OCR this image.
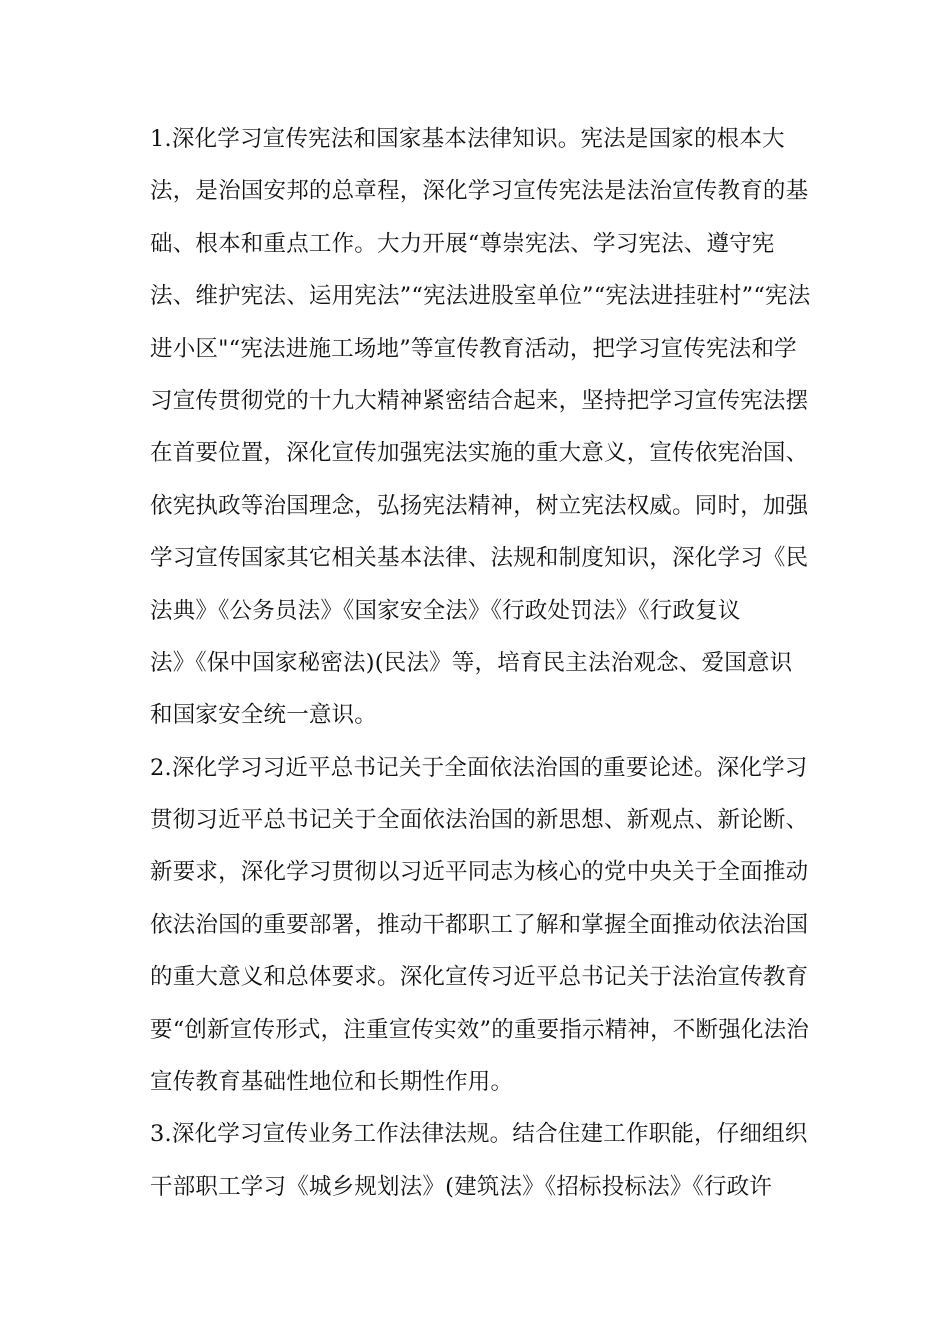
1.深化学习宣传宪法和国家基本法律知识。宪法是国家的根本大
法，是治国安邦的总章程，深化学习宣传宪法是法治宣传教育的基
础、根本和重点工作。大力开展“尊崇宪法、学习宪法、遵守宪
法、维护宪法、运用宪法”“宪法进股室单位”“宪法进挂驻村”“宪法
进小区"“宪法进施工场地”等宣传教育活动，把学习宣传宪法和学
习宣传贯彻党的十九大精神紧密结合起来，坚持把学习宣传宪法摆
在首要位置，深化宣传加强宪法实施的重大意义，宣传依宪治国、
依宪执政等治国理念，弘扬宪法精神，树立宪法权威。同时，加强
学习宣传国家其它相关基本法律、法规和制度知识，深化学习《民
法典》《公务员法》《国家安全法》《行政处罚法》《行政复议
法》《保中国家秘密法)(民法》等，培育民主法治观念、爱国意识
和国家安全统一意识。

2.深化学习习近平总书记关于全面依法治国的重要论述。深化学习
贯彻习近平总书记关于全面依法治国的新思想、新观点、新论断、
新要求，深化学习贯彻以习近平同志为核心的党中央关于全面推动
依法治国的重要部署，推动干都职工了解和掌握全面推动依法治国
的重大意义和总体要求。深化宣传习近平总书记关于法治宣传教育
要“创新宣传形式，注重宣传实效”的重要指示精神，不断强化法治
宣传教育基础性地位和长期性作用。

3.深化学习宣传业务工作法律法规。结合住建工作职能，仔细组织
干部职工学习《城乡规划法》(建筑法》《招标投标法》《行政许
